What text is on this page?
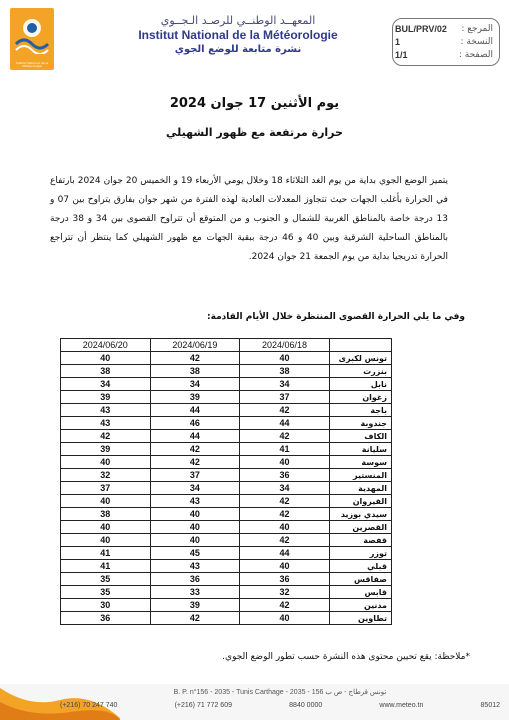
Institut National de la Météorologie
المعهــد الوطنــي للرصـد الـجــوي
Institut National de la Météorologie
نشرة متابعة للوضع الجوي
المرجع :
BUL/PRV/02
النسخة :
1
الصفحة :
1/1
يوم الأثنين 17 جوان 2024
حرارة مرتفعة مع ظهور الشهيلي
يتميز الوضع الجوي بداية من يوم الغد الثلاثاء 18 وخلال يومي الأربعاء 19 و الخميس 20 جوان 2024 بارتفاع في الحرارة بأغلب الجهات حيث تتجاوز المعدلات العادية لهذه الفترة من شهر جوان بفارق يتراوح بين 07 و 13 درجة خاصة بالمناطق الغربية للشمال و الجنوب و من المتوقع أن تتراوح القصوى بين 34 و 38 درجة بالمناطق الساحلية الشرقية وبين 40 و 46 درجة ببقية الجهات مع ظهور الشهيلي كما ينتظر أن تتراجع الحرارة تدريجيا بداية من يوم الجمعة 21 جوان 2024.
وفي ما يلي الحرارة القصوى المنتظرة خلال الأيام القادمة:
	2024/06/18	2024/06/19	2024/06/20
تونس لكبرى	40	42	40
بنزرت	38	38	38
نابل	34	34	34
زغوان	37	39	39
باجة	42	44	43
جندوبة	44	46	43
الكاف	42	44	42
سليانة	41	42	39
سوسة	40	42	40
المنستير	36	37	32
المهدية	34	34	37
القيروان	42	43	40
سيدي بوزيد	42	40	38
القصرين	40	40	40
قفصة	42	40	40
توزر	44	45	41
قبلي	40	43	41
صفاقس	36	36	35
قابس	32	33	35
مدنين	42	39	30
تطاوين	40	42	36
*ملاحظة: يقع تحيين محتوى هذه النشرة حسب تطور الوضع الجوي.
B. P. n°156 - 2035 - Tunis Carthage - 2035 - تونس قرطاج - ص ب 156
(+216) 70 247 740	(+216) 71 772 609	8840 0000	www.meteo.tn	85012
